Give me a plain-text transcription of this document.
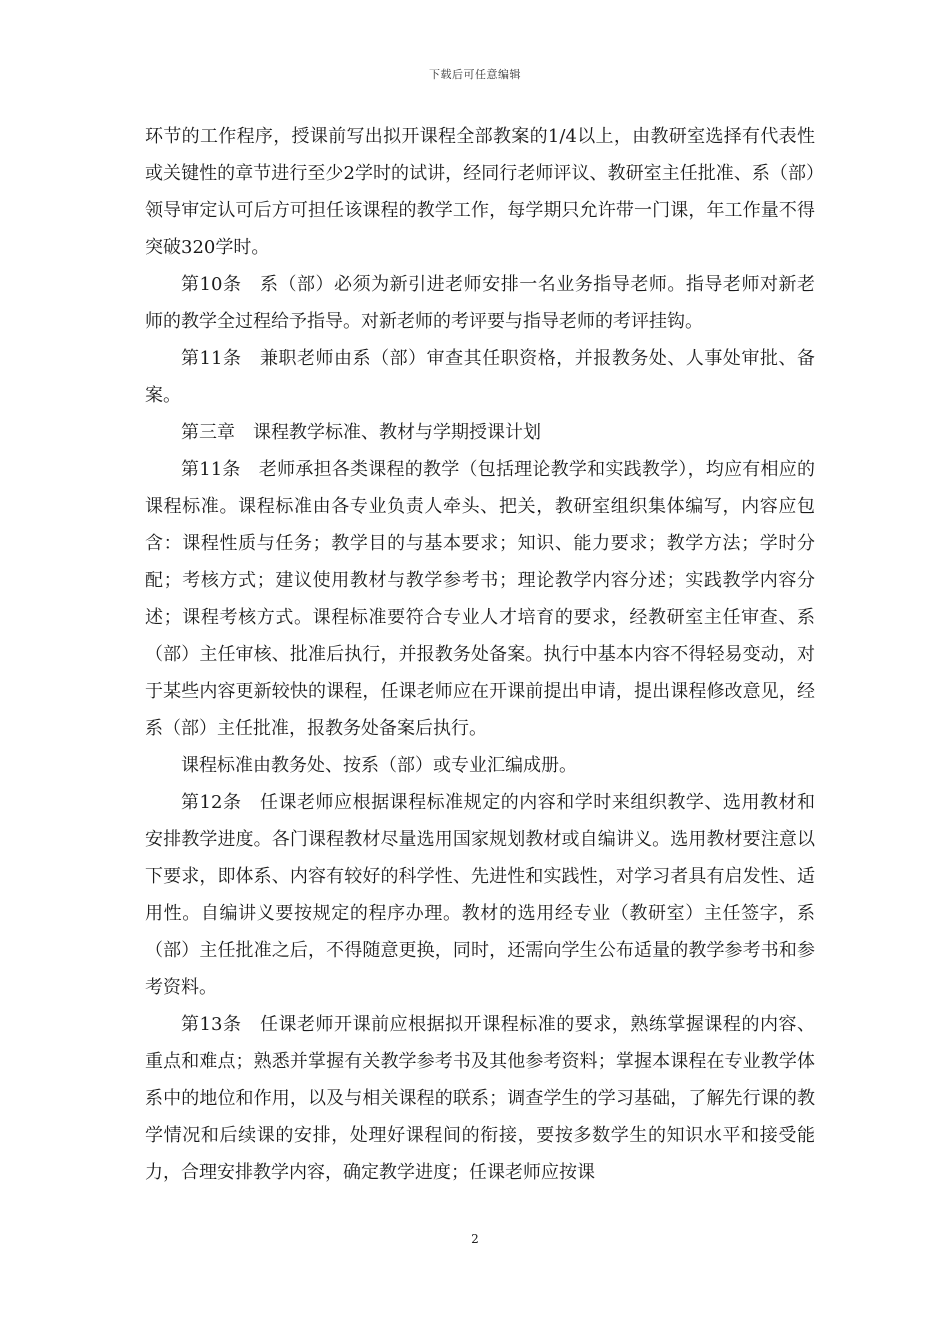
下载后可任意编辑

环节的工作程序，授课前写出拟开课程全部教案的1/4以上，由教研室选择有代表性或关键性的章节进行至少2学时的试讲，经同行老师评议、教研室主任批准、系（部）领导审定认可后方可担任该课程的教学工作，每学期只允许带一门课，年工作量不得突破320学时。

第10条　系（部）必须为新引进老师安排一名业务指导老师。指导老师对新老师的教学全过程给予指导。对新老师的考评要与指导老师的考评挂钩。

第11条　兼职老师由系（部）审查其任职资格，并报教务处、人事处审批、备案。

第三章　课程教学标准、教材与学期授课计划

第11条　老师承担各类课程的教学（包括理论教学和实践教学），均应有相应的课程标准。课程标准由各专业负责人牵头、把关，教研室组织集体编写，内容应包含：课程性质与任务；教学目的与基本要求；知识、能力要求；教学方法；学时分配；考核方式；建议使用教材与教学参考书；理论教学内容分述；实践教学内容分述；课程考核方式。课程标准要符合专业人才培育的要求，经教研室主任审查、系（部）主任审核、批准后执行，并报教务处备案。执行中基本内容不得轻易变动，对于某些内容更新较快的课程，任课老师应在开课前提出申请，提出课程修改意见，经系（部）主任批准，报教务处备案后执行。

课程标准由教务处、按系（部）或专业汇编成册。

第12条　任课老师应根据课程标准规定的内容和学时来组织教学、选用教材和安排教学进度。各门课程教材尽量选用国家规划教材或自编讲义。选用教材要注意以下要求，即体系、内容有较好的科学性、先进性和实践性，对学习者具有启发性、适用性。自编讲义要按规定的程序办理。教材的选用经专业（教研室）主任签字，系（部）主任批准之后，不得随意更换，同时，还需向学生公布适量的教学参考书和参考资料。

第13条　任课老师开课前应根据拟开课程标准的要求，熟练掌握课程的内容、重点和难点；熟悉并掌握有关教学参考书及其他参考资料；掌握本课程在专业教学体系中的地位和作用，以及与相关课程的联系；调查学生的学习基础，了解先行课的教学情况和后续课的安排，处理好课程间的衔接，要按多数学生的知识水平和接受能力，合理安排教学内容，确定教学进度；任课老师应按课

2
